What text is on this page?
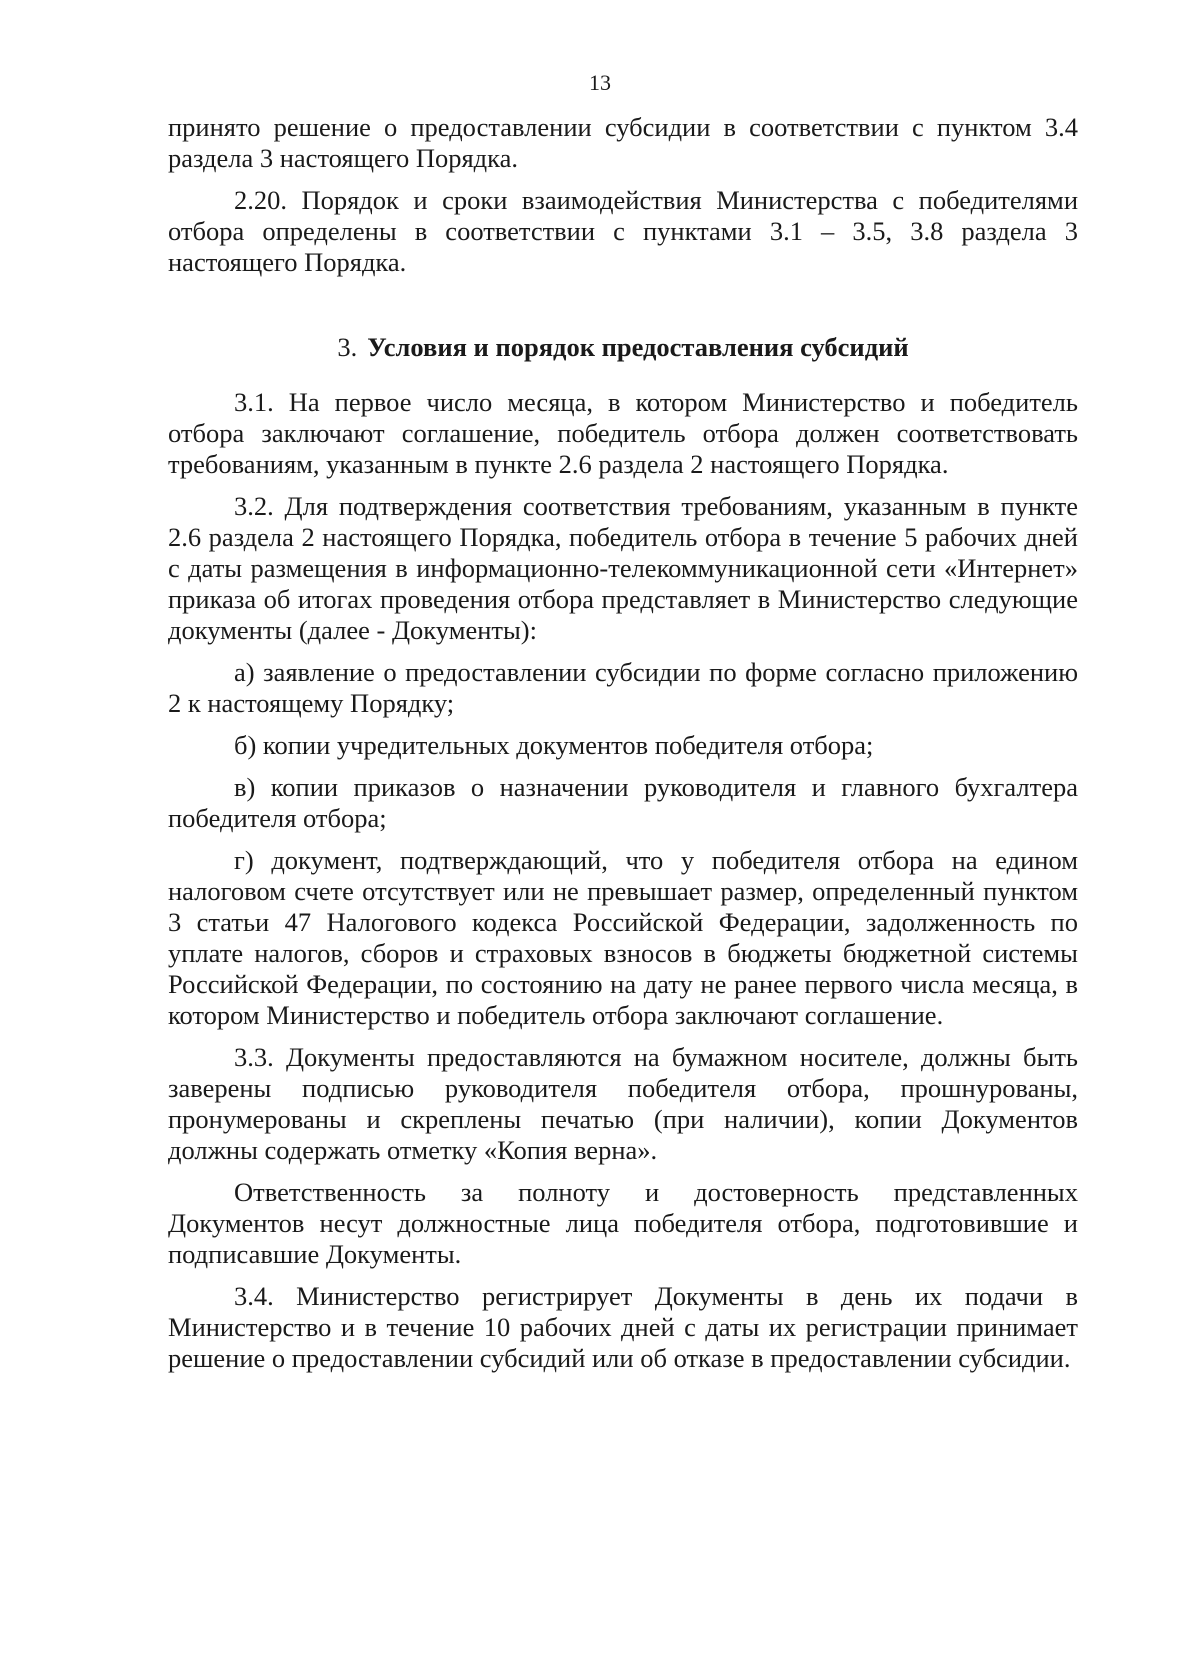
13

принято решение о предоставлении субсидии в соответствии с пунктом 3.4 раздела 3 настоящего Порядка.

2.20. Порядок и сроки взаимодействия Министерства с победителями отбора определены в соответствии с пунктами 3.1 – 3.5, 3.8 раздела 3 настоящего Порядка.

3. Условия и порядок предоставления субсидий

3.1. На первое число месяца, в котором Министерство и победитель отбора заключают соглашение, победитель отбора должен соответствовать требованиям, указанным в пункте 2.6 раздела 2 настоящего Порядка.

3.2. Для подтверждения соответствия требованиям, указанным в пункте 2.6 раздела 2 настоящего Порядка, победитель отбора в течение 5 рабочих дней с даты размещения в информационно-телекоммуникационной сети «Интернет» приказа об итогах проведения отбора представляет в Министерство следующие документы (далее - Документы):

а) заявление о предоставлении субсидии по форме согласно приложению 2 к настоящему Порядку;

б) копии учредительных документов победителя отбора;

в) копии приказов о назначении руководителя и главного бухгалтера победителя отбора;

г) документ, подтверждающий, что у победителя отбора на едином налоговом счете отсутствует или не превышает размер, определенный пунктом 3 статьи 47 Налогового кодекса Российской Федерации, задолженность по уплате налогов, сборов и страховых взносов в бюджеты бюджетной системы Российской Федерации, по состоянию на дату не ранее первого числа месяца, в котором Министерство и победитель отбора заключают соглашение.

3.3. Документы предоставляются на бумажном носителе, должны быть заверены подписью руководителя победителя отбора, прошнурованы, пронумерованы и скреплены печатью (при наличии), копии Документов должны содержать отметку «Копия верна».

Ответственность за полноту и достоверность представленных Документов несут должностные лица победителя отбора, подготовившие и подписавшие Документы.

3.4. Министерство регистрирует Документы в день их подачи в Министерство и в течение 10 рабочих дней с даты их регистрации принимает решение о предоставлении субсидий или об отказе в предоставлении субсидии.
